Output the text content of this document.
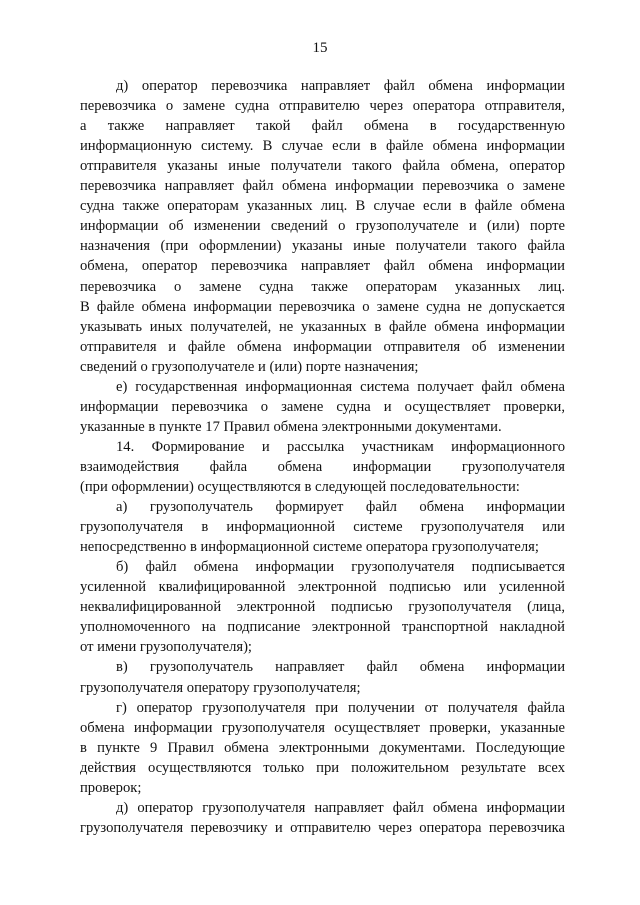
15
д) оператор перевозчика направляет файл обмена информации
перевозчика о замене судна отправителю через оператора отправителя,
а также направляет такой файл обмена в государственную
информационную систему. В случае если в файле обмена информации
отправителя указаны иные получатели такого файла обмена, оператор
перевозчика направляет файл обмена информации перевозчика о замене
судна также операторам указанных лиц. В случае если в файле обмена
информации об изменении сведений о грузополучателе и (или) порте
назначения (при оформлении) указаны иные получатели такого файла
обмена, оператор перевозчика направляет файл обмена информации
перевозчика о замене судна также операторам указанных лиц.
В файле обмена информации перевозчика о замене судна не допускается
указывать иных получателей, не указанных в файле обмена информации
отправителя и файле обмена информации отправителя об изменении
сведений о грузополучателе и (или) порте назначения;
е) государственная информационная система получает файл обмена
информации перевозчика о замене судна и осуществляет проверки,
указанные в пункте 17 Правил обмена электронными документами.
14. Формирование и рассылка участникам информационного
взаимодействия файла обмена информации грузополучателя
(при оформлении) осуществляются в следующей последовательности:
а) грузополучатель формирует файл обмена информации
грузополучателя в информационной системе грузополучателя или
непосредственно в информационной системе оператора грузополучателя;
б) файл обмена информации грузополучателя подписывается
усиленной квалифицированной электронной подписью или усиленной
неквалифицированной электронной подписью грузополучателя (лица,
уполномоченного на подписание электронной транспортной накладной
от имени грузополучателя);
в) грузополучатель направляет файл обмена информации
грузополучателя оператору грузополучателя;
г) оператор грузополучателя при получении от получателя файла
обмена информации грузополучателя осуществляет проверки, указанные
в пункте 9 Правил обмена электронными документами. Последующие
действия осуществляются только при положительном результате всех
проверок;
д) оператор грузополучателя направляет файл обмена информации
грузополучателя перевозчику и отправителю через оператора перевозчика
